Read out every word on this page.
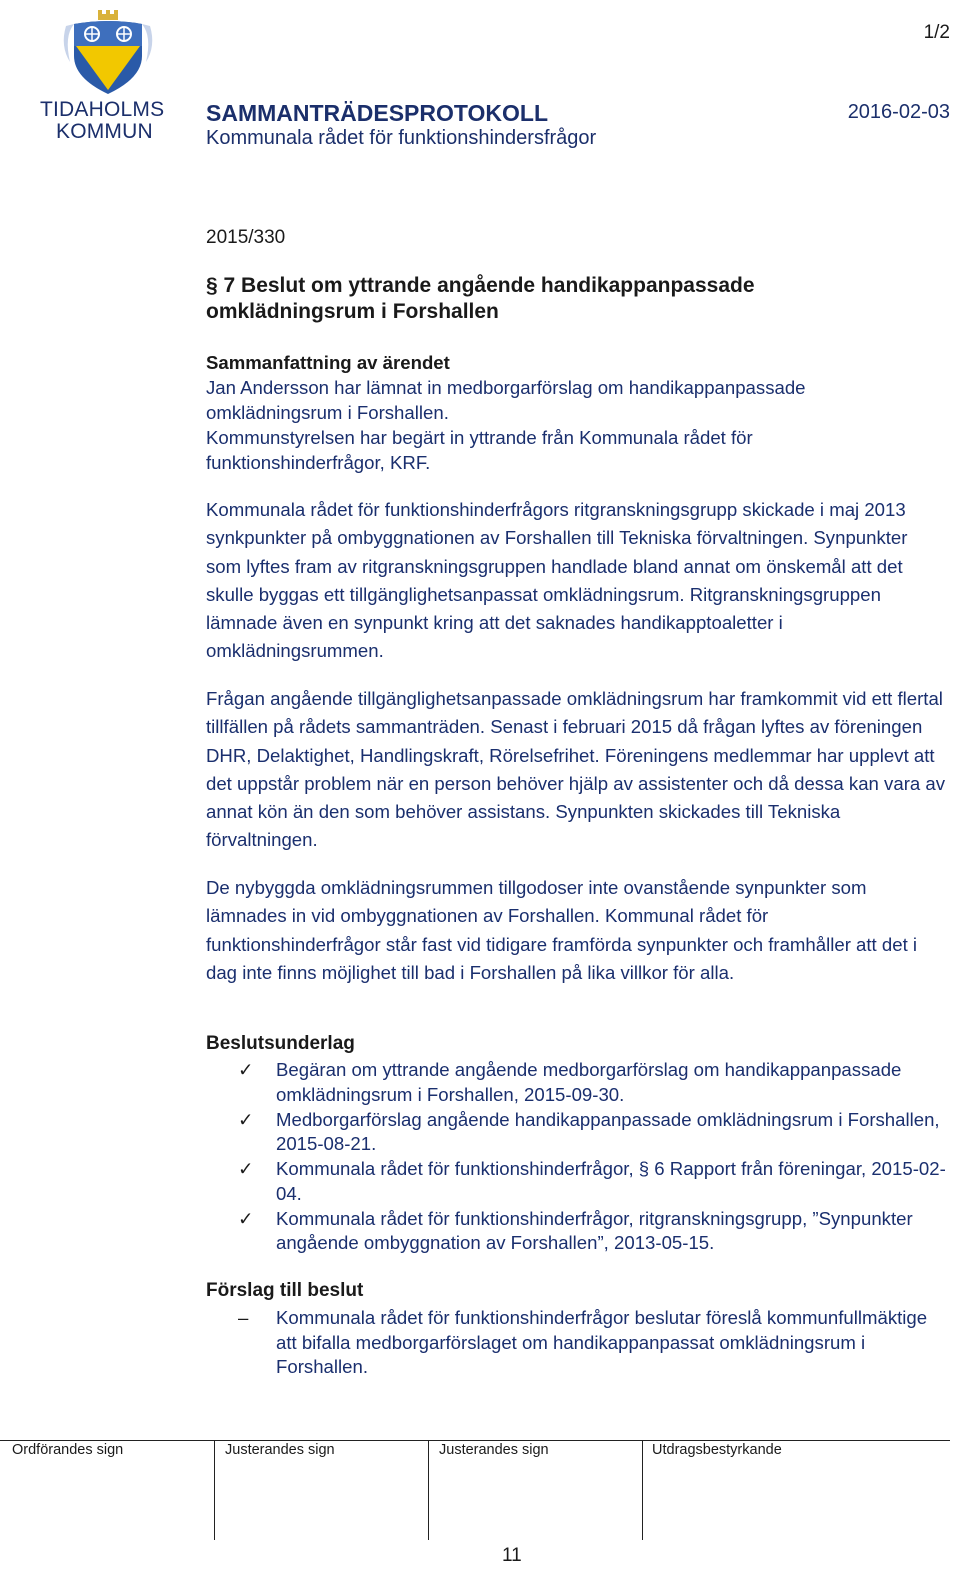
TIDAHOLMS
KOMMUN
1/2
SAMMANTRÄDESPROTOKOLL	2016-02-03
Kommunala rådet för funktionshindersfrågor
2015/330
§ 7 Beslut om yttrande angående handikappanpassade
omklädningsrum i Forshallen
Sammanfattning av ärendet
Jan Andersson har lämnat in medborgarförslag om handikappanpassade
omklädningsrum i Forshallen.
Kommunstyrelsen har begärt in yttrande från Kommunala rådet för
funktionshinderfrågor, KRF.

Kommunala rådet för funktionshinderfrågors ritgranskningsgrupp skickade i maj 2013 synkpunkter på ombyggnationen av Forshallen till Tekniska förvaltningen. Synpunkter som lyftes fram av ritgranskningsgruppen handlade bland annat om önskemål att det skulle byggas ett tillgänglighetsanpassat omklädningsrum. Ritgranskningsgruppen lämnade även en synpunkt kring att det saknades handikapptoaletter i omklädningsrummen.

Frågan angående tillgänglighetsanpassade omklädningsrum har framkommit vid ett flertal tillfällen på rådets sammanträden. Senast i februari 2015 då frågan lyftes av föreningen DHR, Delaktighet, Handlingskraft, Rörelsefrihet. Föreningens medlemmar har upplevt att det uppstår problem när en person behöver hjälp av assistenter och då dessa kan vara av annat kön än den som behöver assistans. Synpunkten skickades till Tekniska förvaltningen.

De nybyggda omklädningsrummen tillgodoser inte ovanstående synpunkter som lämnades in vid ombyggnationen av Forshallen. Kommunal rådet för funktionshinderfrågor står fast vid tidigare framförda synpunkter och framhåller att det i dag inte finns möjlighet till bad i Forshallen på lika villkor för alla.

Beslutsunderlag
✓ Begäran om yttrande angående medborgarförslag om handikappanpassade omklädningsrum i Forshallen, 2015-09-30.
✓ Medborgarförslag angående handikappanpassade omklädningsrum i Forshallen, 2015-08-21.
✓ Kommunala rådet för funktionshinderfrågor, § 6 Rapport från föreningar, 2015-02-04.
✓ Kommunala rådet för funktionshinderfrågor, ritgranskningsgrupp, ”Synpunkter angående ombyggnation av Forshallen”, 2013-05-15.
Förslag till beslut
– Kommunala rådet för funktionshinderfrågor beslutar föreslå kommunfullmäktige att bifalla medborgarförslaget om handikappanpassat omklädningsrum i Forshallen.
Ordförandes sign	Justerandes sign	Justerandes sign	Utdragsbestyrkande
11
